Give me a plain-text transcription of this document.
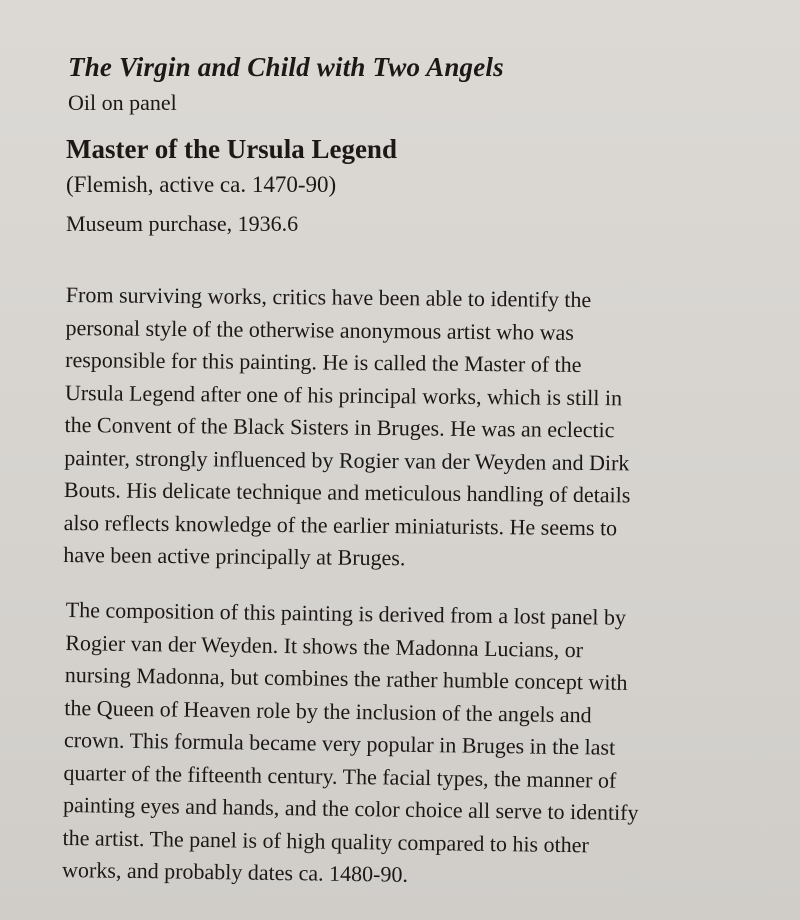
The Virgin and Child with Two Angels
Oil on panel
Master of the Ursula Legend
(Flemish, active ca. 1470-90)
Museum purchase, 1936.6
From surviving works, critics have been able to identify the
personal style of the otherwise anonymous artist who was
responsible for this painting. He is called the Master of the
Ursula Legend after one of his principal works, which is still in
the Convent of the Black Sisters in Bruges. He was an eclectic
painter, strongly influenced by Rogier van der Weyden and Dirk
Bouts. His delicate technique and meticulous handling of details
also reflects knowledge of the earlier miniaturists. He seems to
have been active principally at Bruges.
The composition of this painting is derived from a lost panel by
Rogier van der Weyden. It shows the Madonna Lucians, or
nursing Madonna, but combines the rather humble concept with
the Queen of Heaven role by the inclusion of the angels and
crown. This formula became very popular in Bruges in the last
quarter of the fifteenth century. The facial types, the manner of
painting eyes and hands, and the color choice all serve to identify
the artist. The panel is of high quality compared to his other
works, and probably dates ca. 1480-90.
